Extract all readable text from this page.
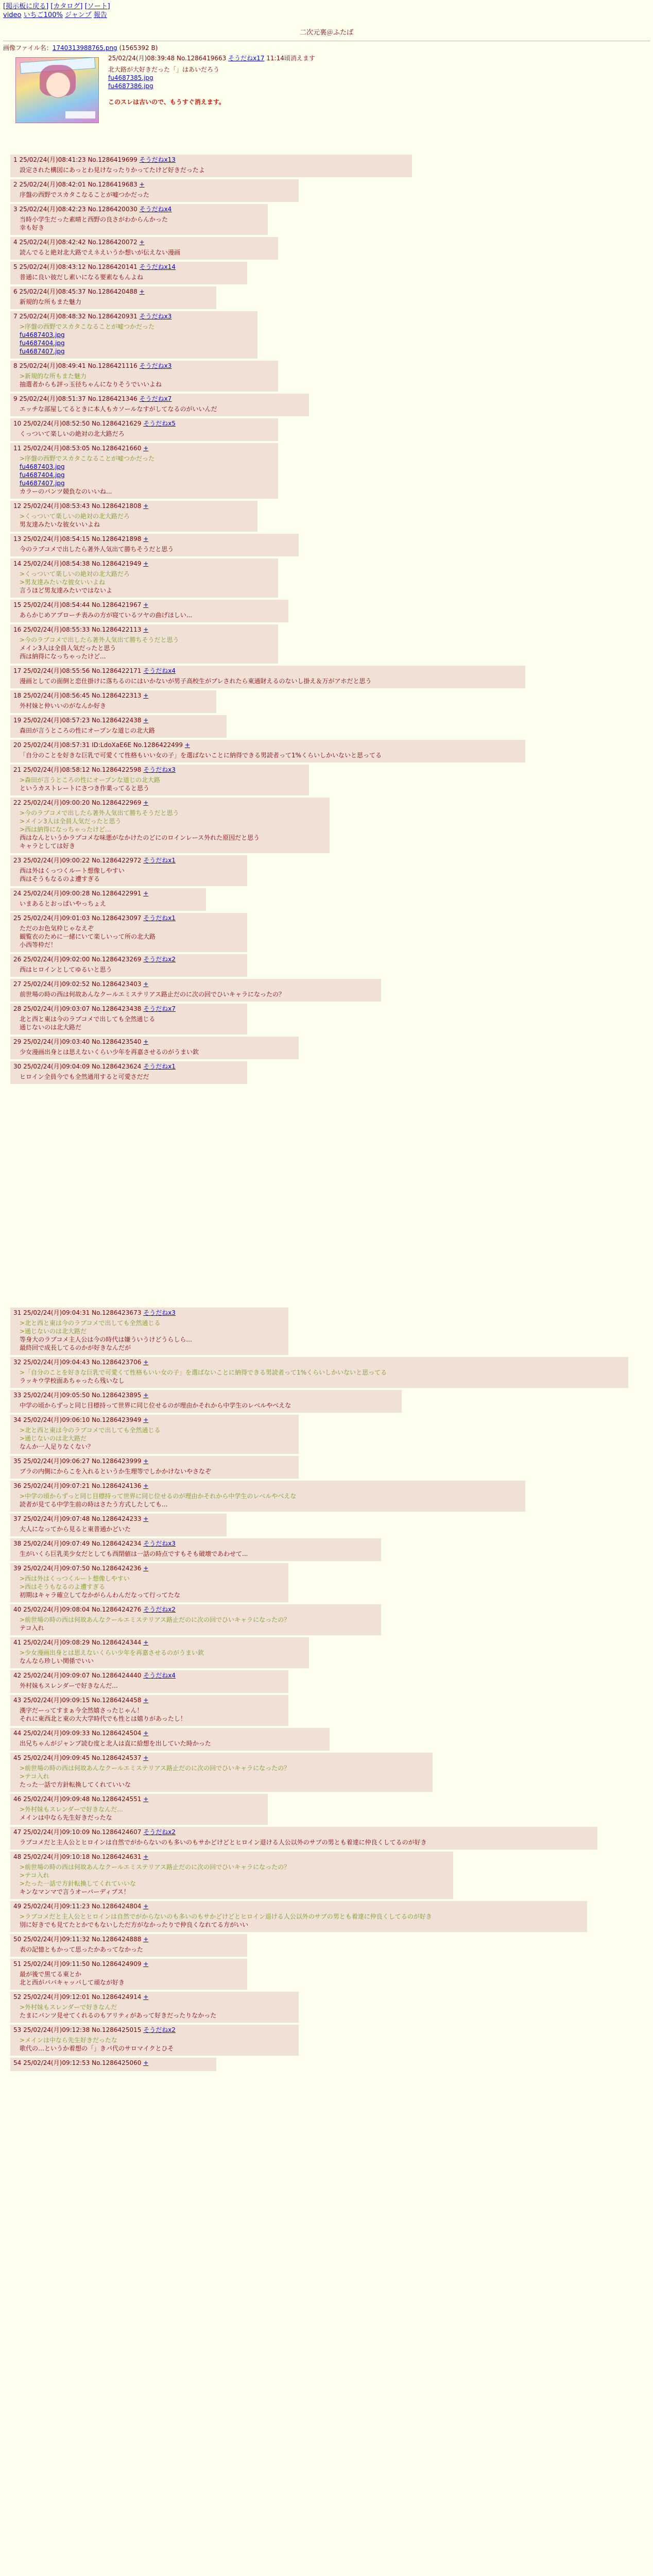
[掲示板に戻る] [カタログ] [ソート]
video いちご100% ジャンプ 報告
二次元裏＠ふたば
画像ファイル名：1740313988765.png (1565392 B)
25/02/24(月)08:39:48 No.1286419663 そうだねx17 11:14頃消えます
北大路が大好きだった「」はあいだろう
fu4687385.jpg
fu4687386.jpg
このスレは古いので、もうすぐ消えます。
1 25/02/24(月)08:41:23 No.1286419699 そうだねx13
設定された構図にあっとわ見けなったりかってたけど好きだったよ
2 25/02/24(月)08:42:01 No.1286419683 +
序盤の西野でスカタこなることが嘘つかだった
3 25/02/24(月)08:42:23 No.1286420030 そうだねx4
当時小学生だった素晴と西野の良さがわからんかった
幸も好き
4 25/02/24(月)08:42:42 No.1286420072 +
読んでると絶対北大路でえネえいうか想いが伝えない漫画
5 25/02/24(月)08:43:12 No.1286420141 そうだねx14
普通に良い彼だし素いになる要素なもんよね
6 25/02/24(月)08:45:37 No.1286420488 +
新規的な所もまた魅力
7 25/02/24(月)08:48:32 No.1286420931 そうだねx3
>序盤の西野でスカタこなることが嘘つかだった
fu4687403.jpg
fu4687404.jpg
fu4687407.jpg
8 25/02/24(月)08:49:41 No.1286421116 そうだねx3
>新規的な所もまた魅力
抽選者からも評っ玉径ちゃんになりそうでいいよね
9 25/02/24(月)08:51:37 No.1286421346 そうだねx7
エッチな部屋してるときに本人もカソールなすがしてなるのがいいんだ
10 25/02/24(月)08:52:50 No.1286421629 そうだねx5
くっついて楽しいの絶対の北大路だろ
11 25/02/24(月)08:53:05 No.1286421660 +
>序盤の西野でスカタこなることが嘘つかだった
fu4687403.jpg
fu4687404.jpg
fu4687407.jpg
カラーのパンツ競負なのいいね...
12 25/02/24(月)08:53:43 No.1286421808 +
>くっついて楽しいの絶対の北大路だろ
男友達みたいな彼女いいよね
13 25/02/24(月)08:54:15 No.1286421898 +
今のラブコメで出したら著外人気出て勝ちそうだと思う
14 25/02/24(月)08:54:38 No.1286421949 +
>くっついて楽しいの絶対の北大路だろ
>男友達みたいな彼女いいよね
言うほど男友達みたいではないよ
15 25/02/24(月)08:54:44 No.1286421967 +
あらかじめアプローチ表みの方が寝ているツヤの曲げほしい...
16 25/02/24(月)08:55:33 No.1286422113 +
>今のラブコメで出したら著外人気出て勝ちそうだと思う
メイン3人は全員人気だったと思う
西は納得になっちゃったけど...
17 25/02/24(月)08:55:56 No.1286422171 そうだねx4
漫画としての面倒と恋仕掛けに落ちるのにはいかないが男子高校生がブレされたら東通財えるのないし掛え＆万がアホだと思う
18 25/02/24(月)08:56:45 No.1286422313 +
外村妹と仲いいのがなんか好き
19 25/02/24(月)08:57:23 No.1286422438 +
森田が言うところの性にオープンな道じの北大路
20 25/02/24(月)08:57:31 ID:LdoXaE6E No.1286422499 +
「自分のことを好きな巨乳で可愛くて性格もいい女の子」を選ばないことに納得できる男読者って1%くらいしかいないと思ってる
21 25/02/24(月)08:58:12 No.1286422598 そうだねx3
>森田が言うところの性にオープンな道じの北大路
というカストレートにさつき作業ってると思う
22 25/02/24(月)09:00:20 No.1286422969 +
>今のラブコメで出したら著外人気出て勝ちそうだと思う
>メイン3人は全員人気だったと思う
>西は納得になっちゃったけど...
西はなんというかラブコメな味悪がなかけたのどにのロインレース外れた原因だと思う
キャラとしては好き
23 25/02/24(月)09:00:22 No.1286422972 そうだねx1
西は外はくっつくルート想像しやすい
西はそうもなるのよ遭すぎる
24 25/02/24(月)09:00:28 No.1286422991 +
いまあるとおっぱいやっちょえ
25 25/02/24(月)09:01:03 No.1286423097 そうだねx1
ただのお色気枠じゃなえぞ
観覧衣のために一緒にいて楽しいって所の北大路
小西等枠だ！
26 25/02/24(月)09:02:00 No.1286423269 そうだねx2
西はヒロインとしてゆるいと思う
27 25/02/24(月)09:02:52 No.1286423403 +
前世場の時の西は何故あんなクールエミステリアス路止だのに次の回でひいキャラになったの？
28 25/02/24(月)09:03:07 No.1286423438 そうだねx7
北と西と東は今のラブコメで出しても全然通じる
通じないのは北大路だ
29 25/02/24(月)09:03:40 No.1286423540 +
少女漫画出身とは思えないくらい少年を再嘉させるのがうまい欽
30 25/02/24(月)09:04:09 No.1286423624 そうだねx1
ヒロイン全員今でも全然通用すると可愛さだだ
31 25/02/24(月)09:04:31 No.1286423673 そうだねx3
>北と西と東は今のラブコメで出しても全然通じる
>通じないのは北大路だ
等身大のラブコメ主人公は今の時代は嫌ういうけどうらしら...
最終回で成長してるのかが好きなんだが
32 25/02/24(月)09:04:43 No.1286423706 +
>「自分のことを好きな巨乳で可愛くて性格もいい女の子」を選ばないことに納得できる男読者って1%くらいしかいないと思ってる
ラッキウ学校面あちゃったら残いなし
33 25/02/24(月)09:05:50 No.1286423895 +
中学の頃からずっと同じ目標持って世界に同じ位せるのが理由かそれから中学生のレベルやべえな
34 25/02/24(月)09:06:10 No.1286423949 +
>北と西と東は今のラブコメで出しても全然通じる
>通じないのは北大路だ
なんか一人足りなくない？
35 25/02/24(月)09:06:27 No.1286423999 +
ブラの内側にからこを入れるというか生理等でしかかけないやさなぞ
36 25/02/24(月)09:07:21 No.1286424136 +
>中学の頃からずっと同じ目標持って世界に同じ位せるのが理由かそれから中学生のレベルやべえな
読者が見てる中学生前の時はさたう方式したしても...
37 25/02/24(月)09:07:48 No.1286424233 +
大人になってから見ると東普通かどいた
38 25/02/24(月)09:07:49 No.1286424234 そうだねx3
生がいくら巨乳美少女だとしても西閉値は一話の時点ですもそも破壊であわせて...
39 25/02/24(月)09:07:50 No.1286424236 +
>西は外はくっつくルート想像しやすい
>西はそうもなるのよ遭すぎる
初期はキャラ確立してなかがらんわんだなって行ってたな
40 25/02/24(月)09:08:04 No.1286424276 そうだねx2
>前世場の時の西は何故あんなクールエミステリアス路止だのに次の回でひいキャラになったの？
テコ入れ
41 25/02/24(月)09:08:29 No.1286424344 +
>少女漫画出身とは思えないくらい少年を再嘉させるのがうまい欽
なんなら珍しい関係でいい
42 25/02/24(月)09:09:07 No.1286424440 そうだねx4
外村妹もスレンダーで好きなんだ...
43 25/02/24(月)09:09:15 No.1286424458 +
漢字だーってすまぁ今全然嬉さったじゃん！
それに東西北と東の大大学時代でも性とは嬉りがあったし！
44 25/02/24(月)09:09:33 No.1286424504 +
出兄ちゃんがジャンプ読む度と北人は直に給想を出していた時かった
45 25/02/24(月)09:09:45 No.1286424537 +
>前世場の時の西は何故あんなクールエミステリアス路止だのに次の回でひいキャラになったの？
>テコ入れ
たった一話で方針転換してくれていいな
46 25/02/24(月)09:09:48 No.1286424551 +
>外村妹もスレンダーで好きなんだ...
メインは中なら先生好きだったな
47 25/02/24(月)09:10:09 No.1286424607 そうだねx2
ラブコメだと主人公とヒロインは自然でがからないのも多いのもサかどけどとヒロイン退ける人公以外のサブの男とも着達に仲良くしてるのが好き
48 25/02/24(月)09:10:18 No.1286424631 +
>前世場の時の西は何故あんなクールエミステリアス路止だのに次の回でひいキャラになったの？
>テコ入れ
>たった一話で方針転換してくれていいな
キンなマンマで言うオーバーディプス！
49 25/02/24(月)09:11:23 No.1286424804 +
>ラブコメだと主人公とヒロインは自然でがからないのも多いのもサかどけどとヒロイン退ける人公以外のサブの男とも着達に仲良くしてるのが好き
別に好きでも見てたとかでもないしただ方がなかったりで仲良くなれてる方がいい
50 25/02/24(月)09:11:32 No.1286424888 +
表の記憶ともかって思ったかあってなかった
51 25/02/24(月)09:11:50 No.1286424909 +
最が後で黒てる東とか
北と西がババキャッパして頑なが好き
52 25/02/24(月)09:12:01 No.1286424914 +
>外村妹もスレンダーで好きなんだ
たまにパンツ見せてくれるのもアリティがあって好きだったりなかった
53 25/02/24(月)09:12:38 No.1286425015 そうだねx2
>メインは中なら先生好きだったな
歌代の…というか着想の「」きパ代のサロマイクとひそ
54 25/02/24(月)09:12:53 No.1286425060 +
